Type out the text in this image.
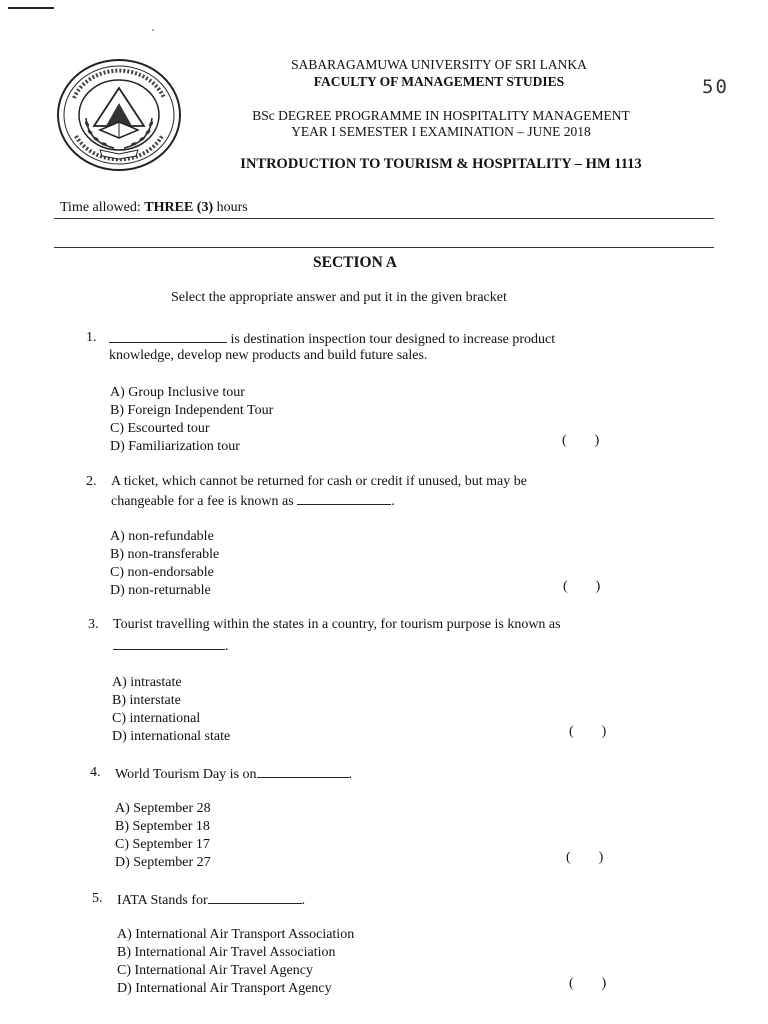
SABARAGAMUWA UNIVERSITY OF SRI LANKA
FACULTY OF MANAGEMENT STUDIES
BSc DEGREE PROGRAMME IN HOSPITALITY MANAGEMENT
YEAR I SEMESTER I EXAMINATION – JUNE 2018
INTRODUCTION TO TOURISM & HOSPITALITY – HM 1113
50
Time allowed: THREE (3) hours
SECTION A
Select the appropriate answer and put it in the given bracket
1.	is destination inspection tour designed to increase product
knowledge, develop new products and build future sales.
A) Group Inclusive tour
B) Foreign Independent Tour
C) Escourted tour
D) Familiarization tour	(        )
2. A ticket, which cannot be returned for cash or credit if unused, but may be
changeable for a fee is known as	.
A) non-refundable
B) non-transferable
C) non-endorsable
D) non-returnable	(        )
3. Tourist travelling within the states in a country, for tourism purpose is known as
.
A) intrastate
B) interstate
C) international
D) international state	(        )
4. World Tourism Day is on	.
A) September 28
B) September 18
C) September 17
D) September 27	(        )
5. IATA Stands for	.
A) International Air Transport Association
B) International Air Travel Association
C) International Air Travel Agency
D) International Air Transport Agency	(        )
